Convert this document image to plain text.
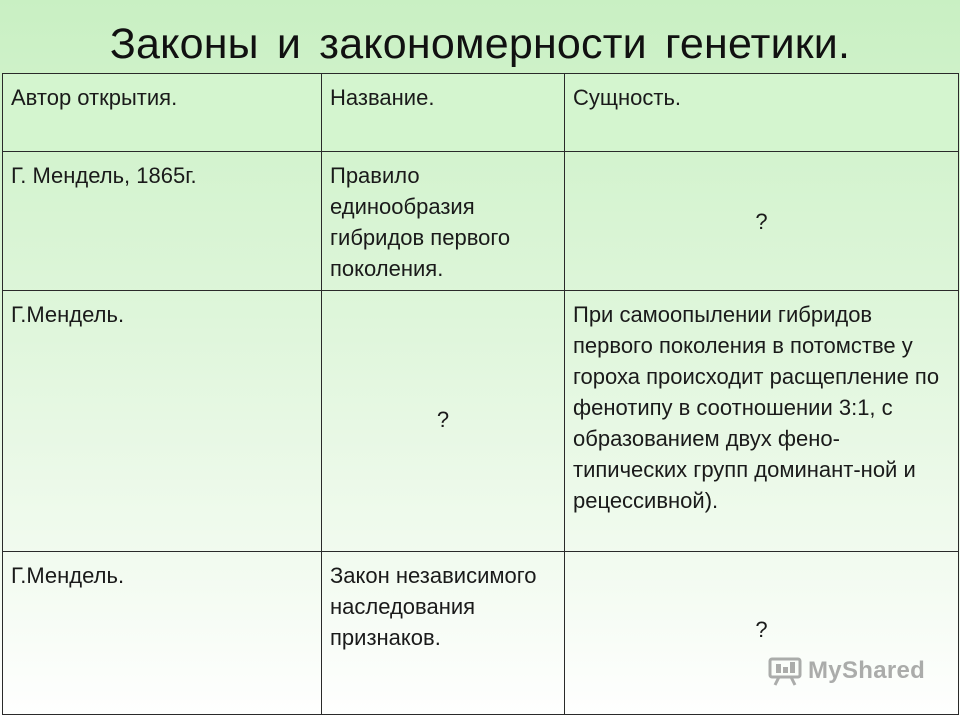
Законы и закономерности генетики.
Автор открытия.	Название.	Сущность.

Г. Мендель, 1865г.	Правило единообразия гибридов первого поколения.	?

Г.Мендель.	?	При самоопылении гибридов первого поколения в потомстве у гороха происходит расщепление по фенотипу в соотношении 3:1, с образованием двух фено-типических групп доминант-ной и рецессивной).

Г.Мендель.	Закон независимого наследования признаков.	?
MyShared
